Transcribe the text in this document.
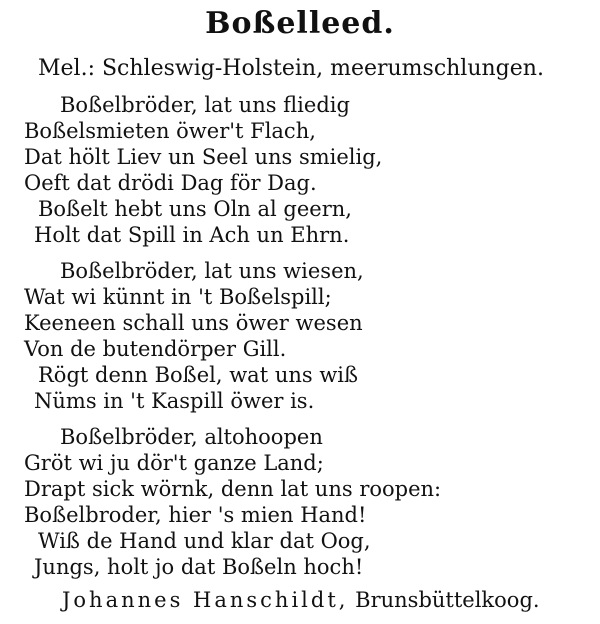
Boßelleed.

Mel.: Schleswig-Holstein, meerumschlungen.

Boßelbröder, lat uns fliedig
Boßelsmieten öwer't Flach,
Dat hölt Liev un Seel uns smielig,
Oeft dat drödi Dag för Dag.
Boßelt hebt uns Oln al geern,
Holt dat Spill in Ach un Ehrn.
Boßelbröder, lat uns wiesen,
Wat wi künnt in 't Boßelspill;
Keeneen schall uns öwer wesen
Von de butendörper Gill.
Rögt denn Boßel, wat uns wiß
Nüms in 't Kaspill öwer is.
Boßelbröder, altohoopen
Gröt wi ju dör't ganze Land;
Drapt sick wörnk, denn lat uns roopen:
Boßelbroder, hier 's mien Hand!
Wiß de Hand und klar dat Oog,
Jungs, holt jo dat Boßeln hoch!

Johannes Hanschildt, Brunsbüttelkoog.
